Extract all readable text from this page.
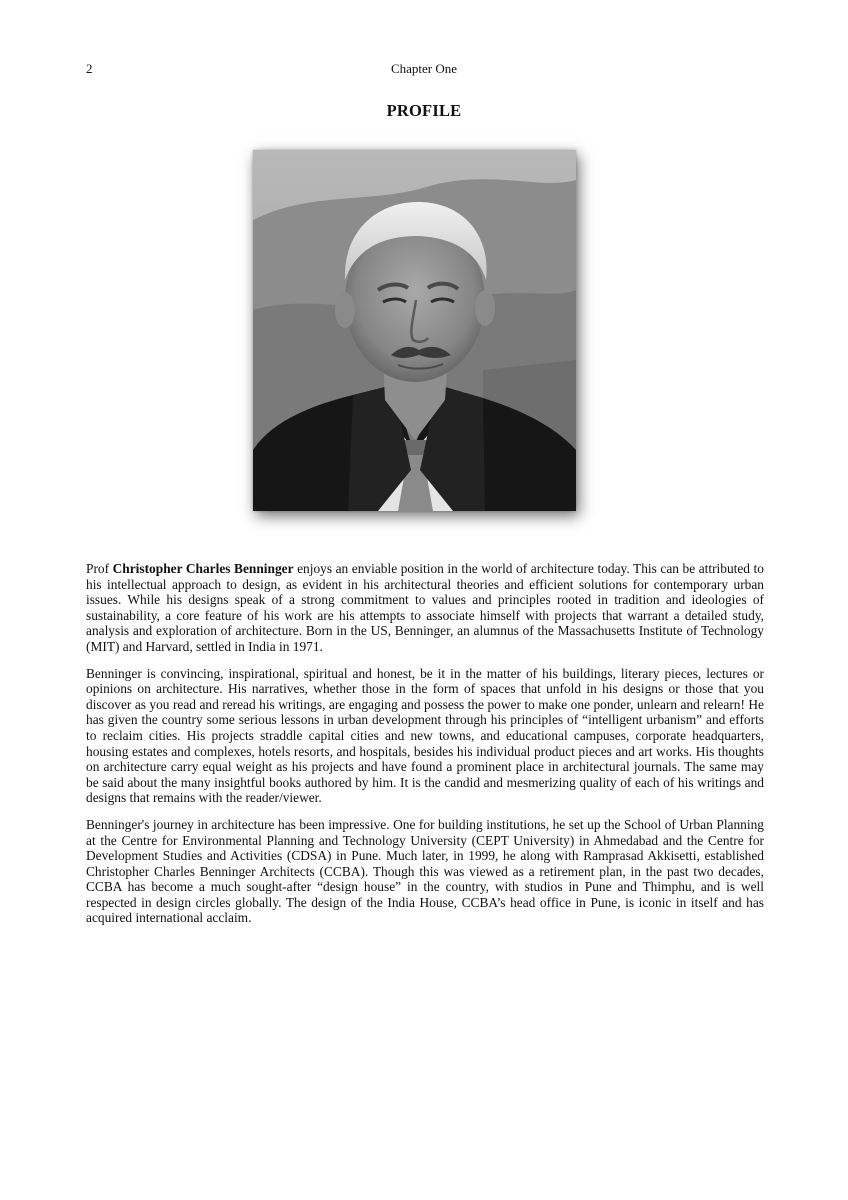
2	Chapter One
PROFILE

Prof Christopher Charles Benninger enjoys an enviable position in the world of architecture today. This can be attributed to his intellectual approach to design, as evident in his architectural theories and efficient solutions for contemporary urban issues. While his designs speak of a strong commitment to values and principles rooted in tradition and ideologies of sustainability, a core feature of his work are his attempts to associate himself with projects that warrant a detailed study, analysis and exploration of architecture. Born in the US, Benninger, an alumnus of the Massachusetts Institute of Technology (MIT) and Harvard, settled in India in 1971.

Benninger is convincing, inspirational, spiritual and honest, be it in the matter of his buildings, literary pieces, lectures or opinions on architecture. His narratives, whether those in the form of spaces that unfold in his designs or those that you discover as you read and reread his writings, are engaging and possess the power to make one ponder, unlearn and relearn! He has given the country some serious lessons in urban development through his principles of “intelligent urbanism” and efforts to reclaim cities. His projects straddle capital cities and new towns, and educational campuses, corporate headquarters, housing estates and complexes, hotels resorts, and hospitals, besides his individual product pieces and art works. His thoughts on architecture carry equal weight as his projects and have found a prominent place in architectural journals. The same may be said about the many insightful books authored by him. It is the candid and mesmerizing quality of each of his writings and designs that remains with the reader/viewer.

Benninger's journey in architecture has been impressive. One for building institutions, he set up the School of Urban Planning at the Centre for Environmental Planning and Technology University (CEPT University) in Ahmedabad and the Centre for Development Studies and Activities (CDSA) in Pune. Much later, in 1999, he along with Ramprasad Akkisetti, established Christopher Charles Benninger Architects (CCBA). Though this was viewed as a retirement plan, in the past two decades, CCBA has become a much sought-after “design house” in the country, with studios in Pune and Thimphu, and is well respected in design circles globally. The design of the India House, CCBA’s head office in Pune, is iconic in itself and has acquired international acclaim.
